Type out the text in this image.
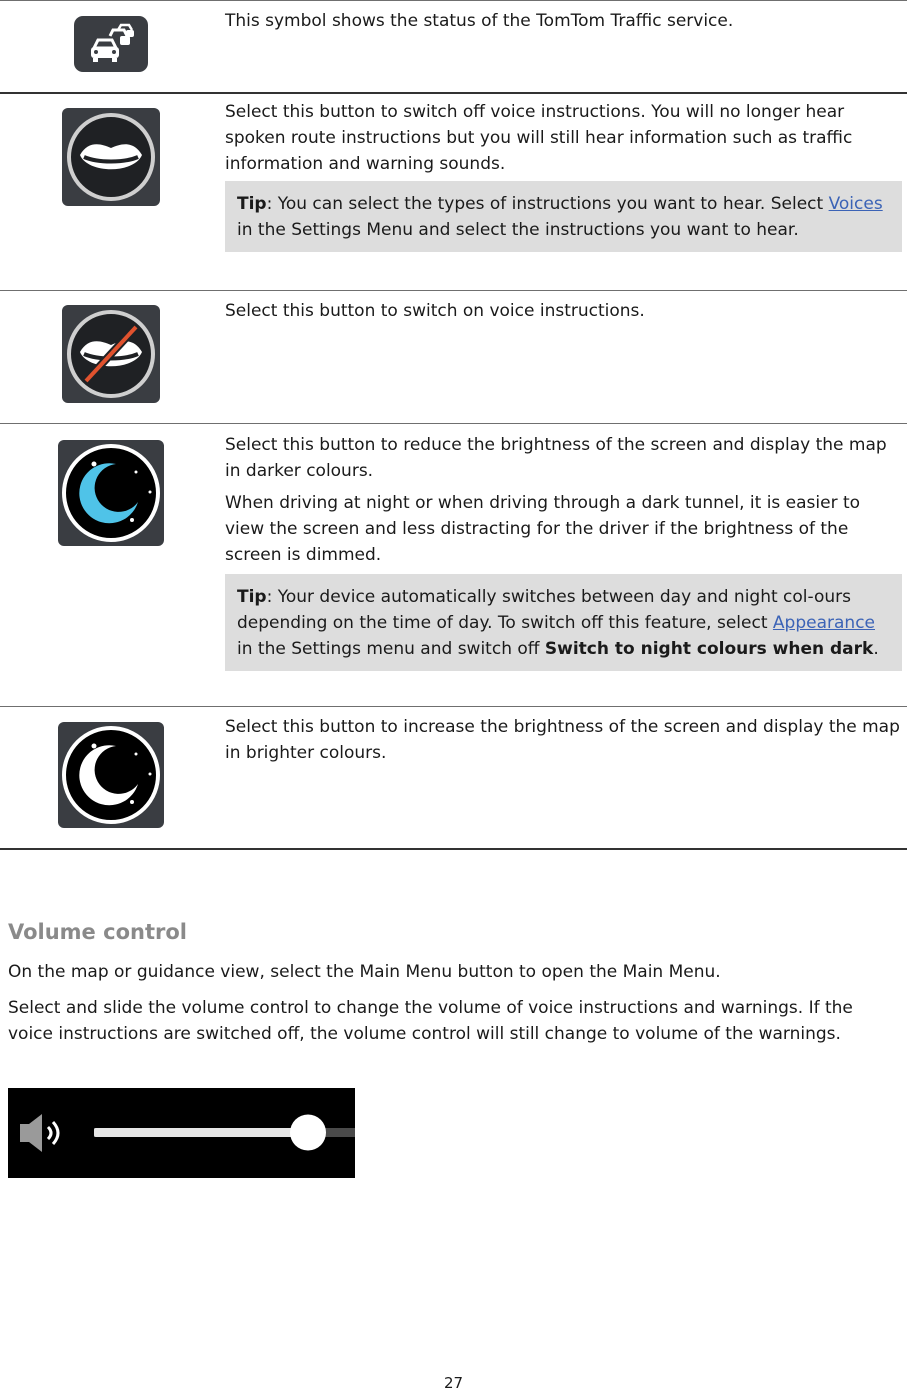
This symbol shows the status of the TomTom Traffic service.

Select this button to switch off voice instructions. You will no longer hear spoken route instructions but you will still hear information such as traffic information and warning sounds.

Tip: You can select the types of instructions you want to hear. Select Voices in the Settings Menu and select the instructions you want to hear.

Select this button to switch on voice instructions.

Select this button to reduce the brightness of the screen and display the map in darker colours.

When driving at night or when driving through a dark tunnel, it is easier to view the screen and less distracting for the driver if the brightness of the screen is dimmed.

Tip: Your device automatically switches between day and night col-ours depending on the time of day. To switch off this feature, select Appearance in the Settings menu and switch off Switch to night colours when dark.

Select this button to increase the brightness of the screen and display the map in brighter colours.

Volume control

On the map or guidance view, select the Main Menu button to open the Main Menu.

Select and slide the volume control to change the volume of voice instructions and warnings. If the voice instructions are switched off, the volume control will still change to volume of the warnings.

27
